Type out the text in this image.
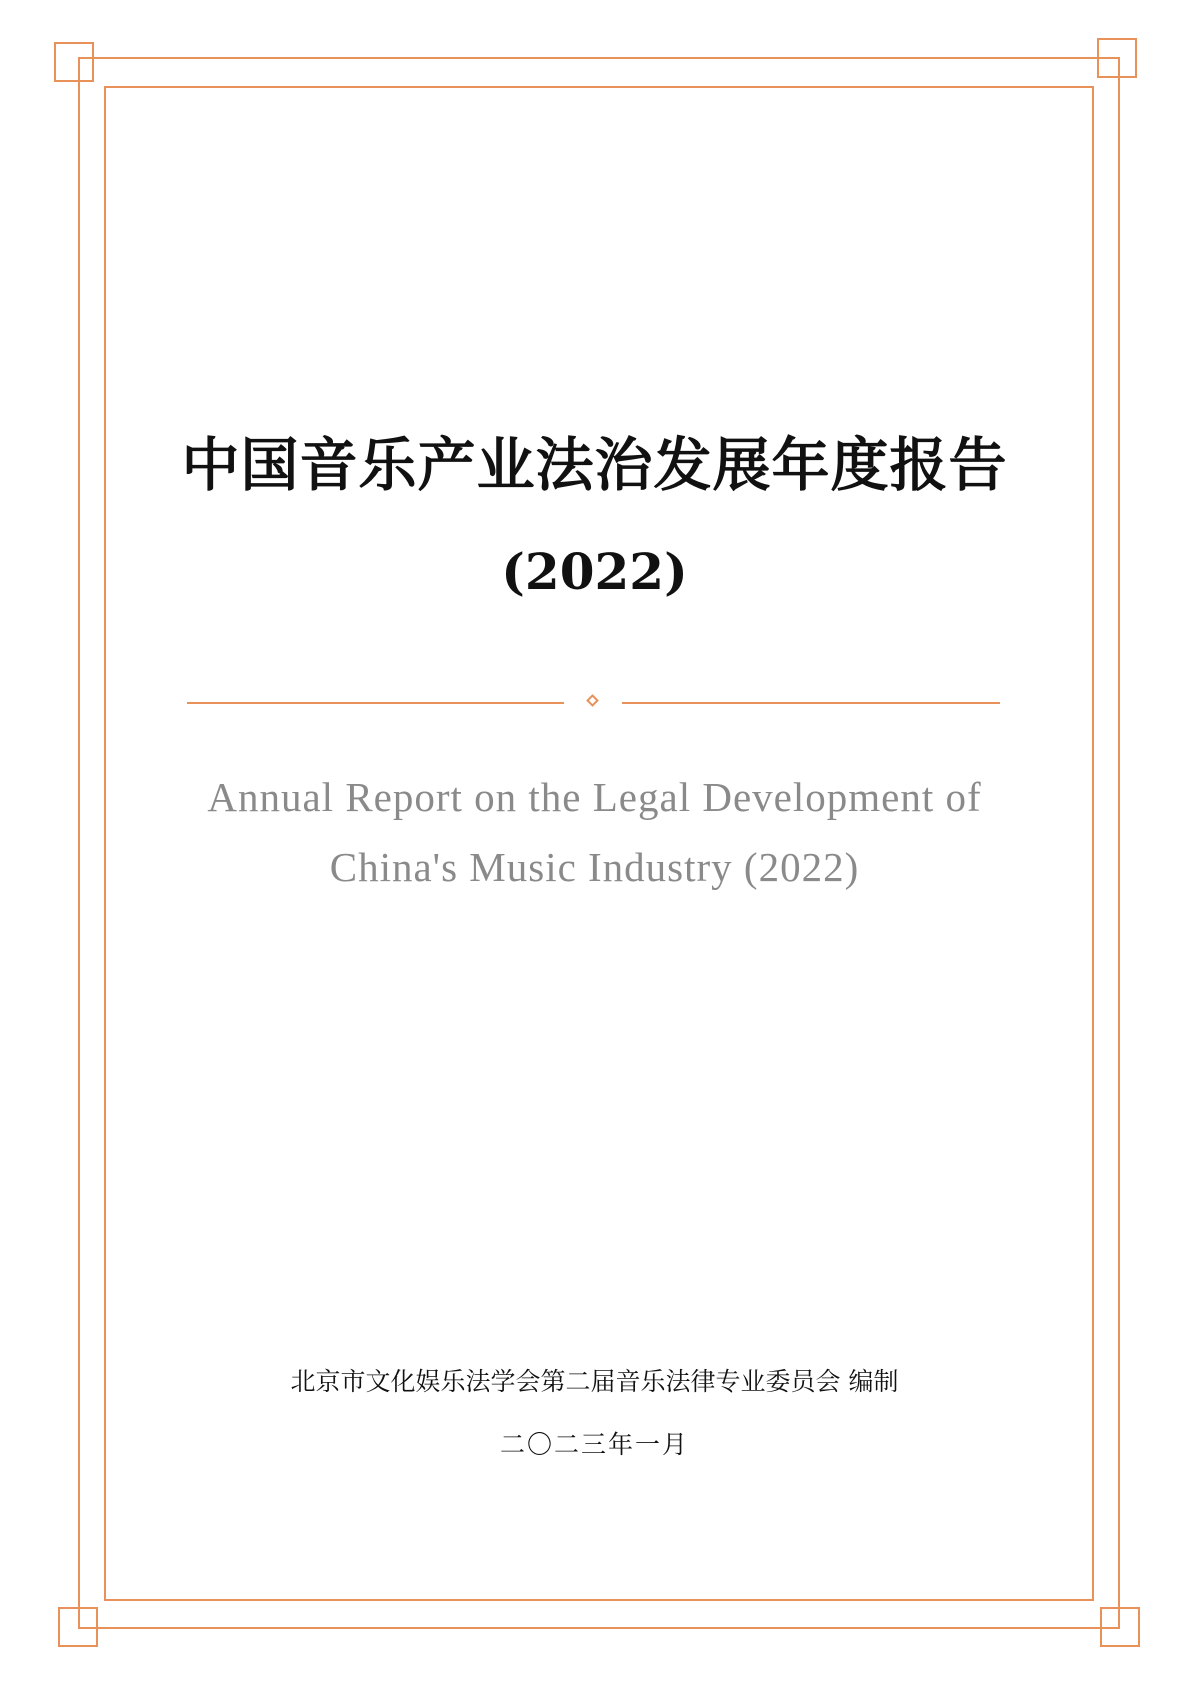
中国音乐产业法治发展年度报告
(2022)
Annual Report on the Legal Development of
China's Music Industry (2022)
北京市文化娱乐法学会第二届音乐法律专业委员会 编制
二〇二三年一月
